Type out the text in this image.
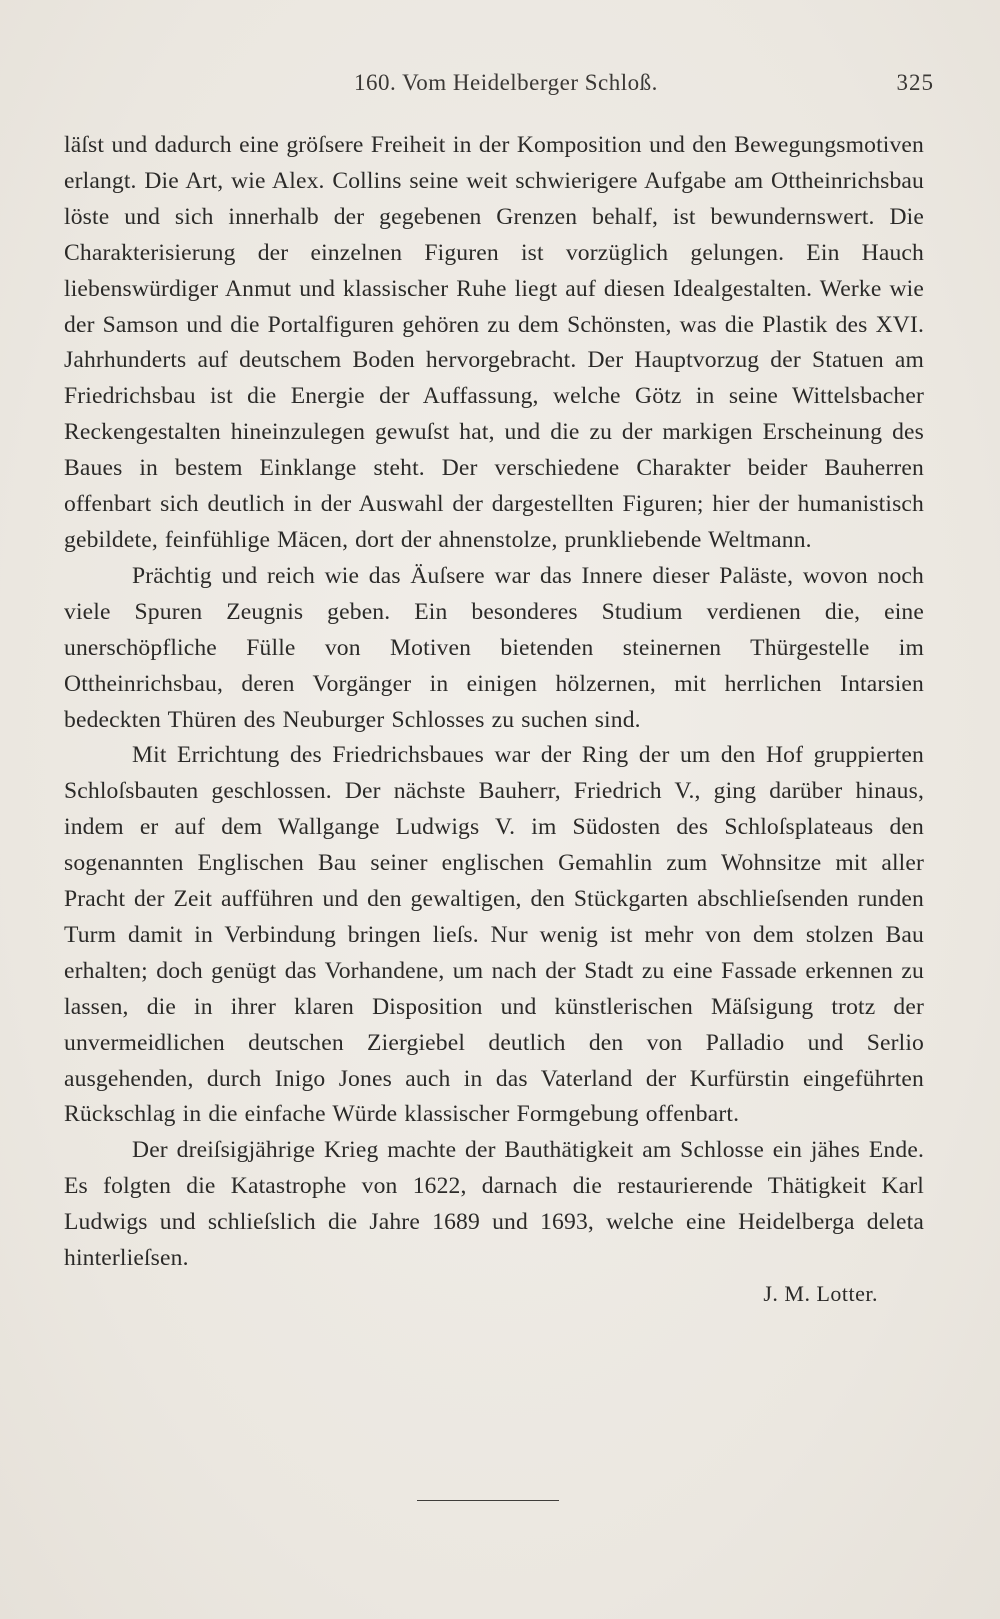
160. Vom Heidelberger Schloß.	325

läſst und dadurch eine gröſsere Freiheit in der Komposition und den Bewegungsmotiven erlangt. Die Art, wie Alex. Collins seine weit schwierigere Aufgabe am Ottheinrichsbau löste und sich innerhalb der gegebenen Grenzen behalf, ist bewundernswert. Die Charakterisierung der einzelnen Figuren ist vorzüglich gelungen. Ein Hauch liebenswürdiger Anmut und klassischer Ruhe liegt auf diesen Idealgestalten. Werke wie der Samson und die Portalfiguren gehören zu dem Schönsten, was die Plastik des XVI. Jahrhunderts auf deutschem Boden hervorgebracht. Der Hauptvorzug der Statuen am Friedrichsbau ist die Energie der Auffassung, welche Götz in seine Wittelsbacher Reckengestalten hineinzulegen gewuſst hat, und die zu der markigen Erscheinung des Baues in bestem Einklange steht. Der verschiedene Charakter beider Bauherren offenbart sich deutlich in der Auswahl der dargestellten Figuren; hier der humanistisch gebildete, feinfühlige Mäcen, dort der ahnenstolze, prunkliebende Weltmann.

Prächtig und reich wie das Äuſsere war das Innere dieser Paläste, wovon noch viele Spuren Zeugnis geben. Ein besonderes Studium verdienen die, eine unerschöpfliche Fülle von Motiven bietenden steinernen Thürgestelle im Ottheinrichsbau, deren Vorgänger in einigen hölzernen, mit herrlichen Intarsien bedeckten Thüren des Neuburger Schlosses zu suchen sind.

Mit Errichtung des Friedrichsbaues war der Ring der um den Hof gruppierten Schloſsbauten geschlossen. Der nächste Bauherr, Friedrich V., ging darüber hinaus, indem er auf dem Wallgange Ludwigs V. im Südosten des Schloſsplateaus den sogenannten Englischen Bau seiner englischen Gemahlin zum Wohnsitze mit aller Pracht der Zeit aufführen und den gewaltigen, den Stückgarten abschlieſsenden runden Turm damit in Verbindung bringen lieſs. Nur wenig ist mehr von dem stolzen Bau erhalten; doch genügt das Vorhandene, um nach der Stadt zu eine Fassade erkennen zu lassen, die in ihrer klaren Disposition und künstlerischen Mäſsigung trotz der unvermeidlichen deutschen Ziergiebel deutlich den von Palladio und Serlio ausgehenden, durch Inigo Jones auch in das Vaterland der Kurfürstin eingeführten Rückschlag in die einfache Würde klassischer Formgebung offenbart.

Der dreiſsigjährige Krieg machte der Bauthätigkeit am Schlosse ein jähes Ende. Es folgten die Katastrophe von 1622, darnach die restaurierende Thätigkeit Karl Ludwigs und schlieſslich die Jahre 1689 und 1693, welche eine Heidelberga deleta hinterlieſsen.

J. M. Lotter.
